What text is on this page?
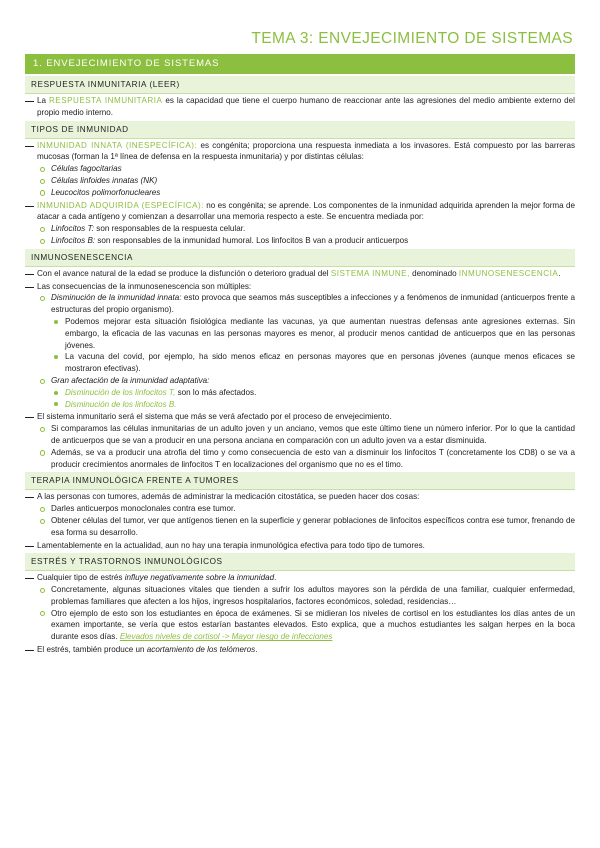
TEMA 3: ENVEJECIMIENTO DE SISTEMAS
1. ENVEJECIMIENTO DE SISTEMAS
RESPUESTA INMUNITARIA (LEER)
La RESPUESTA INMUNITARIA es la capacidad que tiene el cuerpo humano de reaccionar ante las agresiones del medio ambiente externo del propio medio interno.
TIPOS DE INMUNIDAD
INMUNIDAD INNATA (INESPECÍFICA): es congénita; proporciona una respuesta inmediata a los invasores. Está compuesto por las barreras mucosas (forman la 1ª línea de defensa en la respuesta inmunitaria) y por distintas células:
Células fagocitarias
Células linfoides innatas (NK)
Leucocitos polimorfonucleares
INMUNIDAD ADQUIRIDA (ESPECÍFICA): no es congénita; se aprende. Los componentes de la inmunidad adquirida aprenden la mejor forma de atacar a cada antígeno y comienzan a desarrollar una memoria respecto a este. Se encuentra mediada por:
Linfocitos T: son responsables de la respuesta celular.
Linfocitos B: son responsables de la inmunidad humoral. Los linfocitos B van a producir anticuerpos
INMUNOSENESCENCIA
Con el avance natural de la edad se produce la disfunción o deterioro gradual del SISTEMA INMUNE, denominado INMUNOSENESCENCIA.
Las consecuencias de la inmunosenescencia son múltiples:
Disminución de la inmunidad innata: esto provoca que seamos más susceptibles a infecciones y a fenómenos de inmunidad (anticuerpos frente a estructuras del propio organismo).
Podemos mejorar esta situación fisiológica mediante las vacunas, ya que aumentan nuestras defensas ante agresiones externas. Sin embargo, la eficacia de las vacunas en las personas mayores es menor, al producir menos cantidad de anticuerpos que en las personas jóvenes.
La vacuna del covid, por ejemplo, ha sido menos eficaz en personas mayores que en personas jóvenes (aunque menos eficaces se mostraron efectivas).
Gran afectación de la inmunidad adaptativa:
Disminución de los linfocitos T, son lo más afectados.
Disminución de los linfocitos B.
El sistema inmunitario será el sistema que más se verá afectado por el proceso de envejecimiento.
Si comparamos las células inmunitarias de un adulto joven y un anciano, vemos que este último tiene un número inferior. Por lo que la cantidad de anticuerpos que se van a producir en una persona anciana en comparación con un adulto joven va a estar disminuida.
Además, se va a producir una atrofia del timo y como consecuencia de esto van a disminuir los linfocitos T (concretamente los CD8) o se va a producir crecimientos anormales de linfocitos T en localizaciones del organismo que no es el timo.
TERAPIA INMUNOLÓGICA FRENTE A TUMORES
A las personas con tumores, además de administrar la medicación citostática, se pueden hacer dos cosas:
Darles anticuerpos monoclonales contra ese tumor.
Obtener células del tumor, ver que antígenos tienen en la superficie y generar poblaciones de linfocitos específicos contra ese tumor, frenando de esa forma su desarrollo.
Lamentablemente en la actualidad, aun no hay una terapia inmunológica efectiva para todo tipo de tumores.
ESTRÉS Y TRASTORNOS INMUNOLÓGICOS
Cualquier tipo de estrés influye negativamente sobre la inmunidad.
Concretamente, algunas situaciones vitales que tienden a sufrir los adultos mayores son la pérdida de una familiar, cualquier enfermedad, problemas familiares que afecten a los hijos, ingresos hospitalarios, factores económicos, soledad, residencias…
Otro ejemplo de esto son los estudiantes en época de exámenes. Si se midieran los niveles de cortisol en los estudiantes los días antes de un examen importante, se vería que estos estarían bastantes elevados. Esto explica, que a muchos estudiantes les salgan herpes en la boca durante esos días. Elevados niveles de cortisol -> Mayor riesgo de infecciones
El estrés, también produce un acortamiento de los telómeros.
